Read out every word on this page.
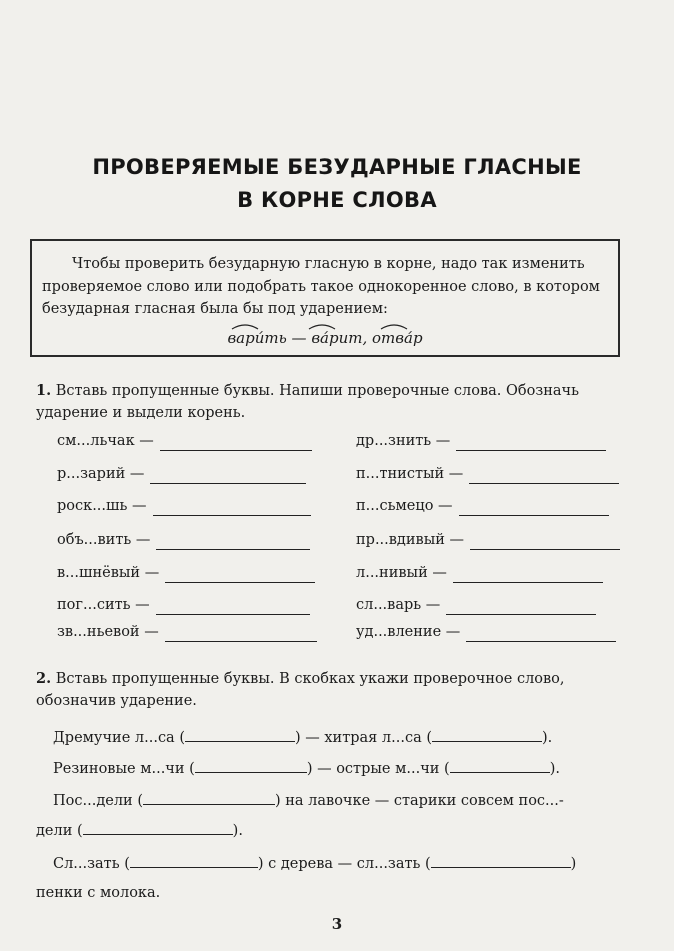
ПРОВЕРЯЕМЫЕ БЕЗУДАРНЫЕ ГЛАСНЫЕ
В КОРНЕ СЛОВА

Чтобы проверить безударную гласную в корне, надо так изменить проверяемое слово или подобрать такое однокоренное слово, в котором безударная гласная была бы под ударением:

вари́ть — ва́рит, отва́р
1. Вставь пропущенные буквы. Напиши проверочные слова. Обозначь ударение и выдели корень.
см...льчак —	др...знить —
р...зарий —	п...тнистый —
роск...шь —	п...сьмецо —
объ...вить —	пр...вдивый —
в...шнёвый —	л...нивый —
пог...сить —	сл...варь —
зв...ньевой —	уд...вление —
2. Вставь пропущенные буквы. В скобках укажи проверочное слово, обозначив ударение.
Дремучие л...са (	) — хитрая л...са (	).
Резиновые м...чи (	) — острые м...чи (	).
Пос...дели (	) на лавочке — старики совсем пос...-
дели (	).
Сл...зать (	) с дерева — сл...зать (	)
пенки с молока.
3
